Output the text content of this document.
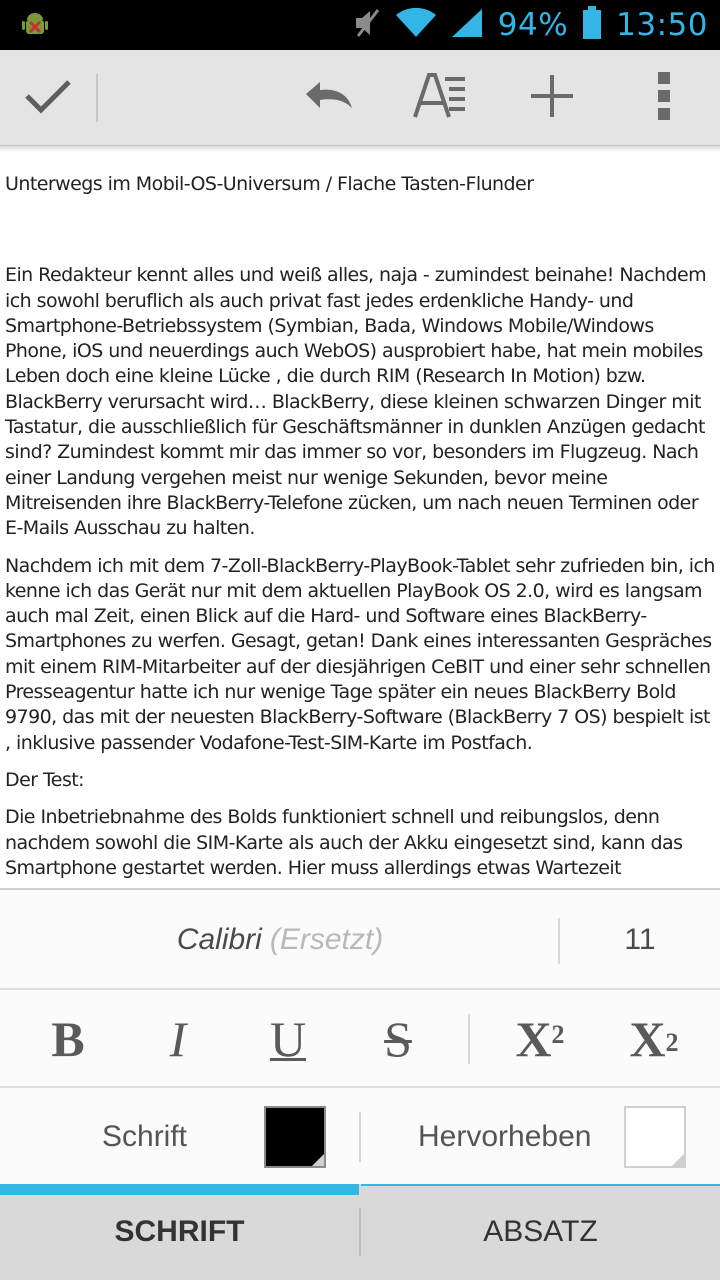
94% 13:50

Unterwegs im Mobil-OS-Universum / Flache Tasten-Flunder

Ein Redakteur kennt alles und weiß alles, naja - zumindest beinahe! Nachdem ich sowohl beruflich als auch privat fast jedes erdenkliche Handy- und Smartphone-Betriebssystem (Symbian, Bada, Windows Mobile/Windows Phone, iOS und neuerdings auch WebOS) ausprobiert habe, hat mein mobiles Leben doch eine kleine Lücke , die durch RIM (Research In Motion) bzw. BlackBerry verursacht wird… BlackBerry, diese kleinen schwarzen Dinger mit Tastatur, die ausschließlich für Geschäftsmänner in dunklen Anzügen gedacht sind? Zumindest kommt mir das immer so vor, besonders im Flugzeug. Nach einer Landung vergehen meist nur wenige Sekunden, bevor meine Mitreisenden ihre BlackBerry-Telefone zücken, um nach neuen Terminen oder E-Mails Ausschau zu halten.

Nachdem ich mit dem 7-Zoll-BlackBerry-PlayBook-Tablet sehr zufrieden bin, ich kenne ich das Gerät nur mit dem aktuellen PlayBook OS 2.0, wird es langsam auch mal Zeit, einen Blick auf die Hard- und Software eines BlackBerry-Smartphones zu werfen. Gesagt, getan! Dank eines interessanten Gespräches mit einem RIM-Mitarbeiter auf der diesjährigen CeBIT und einer sehr schnellen Presseagentur hatte ich nur wenige Tage später ein neues BlackBerry Bold 9790, das mit der neuesten BlackBerry-Software (BlackBerry 7 OS) bespielt ist , inklusive passender Vodafone-Test-SIM-Karte im Postfach.

Der Test:

Die Inbetriebnahme des Bolds funktioniert schnell und reibungslos, denn nachdem sowohl die SIM-Karte als auch der Akku eingesetzt sind, kann das Smartphone gestartet werden. Hier muss allerdings etwas Wartezeit

Calibri (Ersetzt)	11
B	I	U	S	$X^2$ $X_2$
Schrift	Hervorheben
SCHRIFT	ABSATZ
